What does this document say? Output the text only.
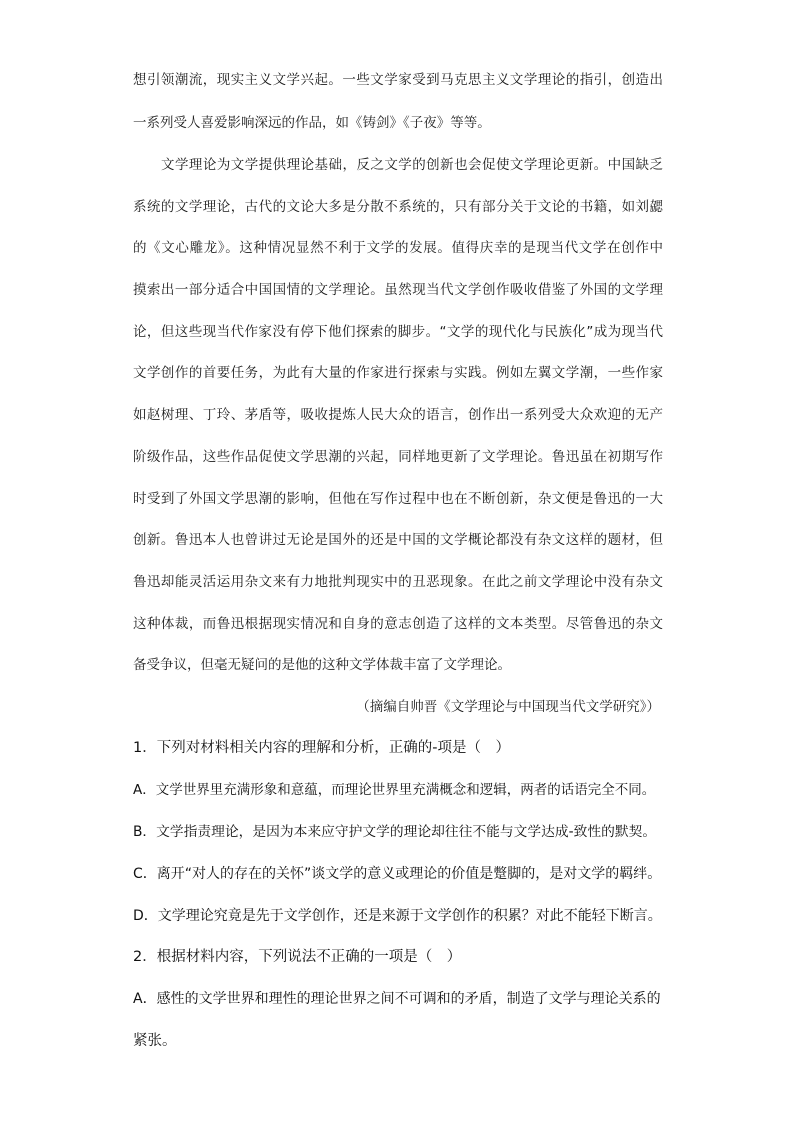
想引领潮流，现实主义文学兴起。一些文学家受到马克思主义文学理论的指引，创造出
一系列受人喜爱影响深远的作品，如《铸剑》《子夜》等等。
文学理论为文学提供理论基础，反之文学的创新也会促使文学理论更新。中国缺乏
系统的文学理论，古代的文论大多是分散不系统的，只有部分关于文论的书籍，如刘勰
的《文心雕龙》。这种情况显然不利于文学的发展。值得庆幸的是现当代文学在创作中
摸索出一部分适合中国国情的文学理论。虽然现当代文学创作吸收借鉴了外国的文学理
论，但这些现当代作家没有停下他们探索的脚步。“文学的现代化与民族化”成为现当代
文学创作的首要任务，为此有大量的作家进行探索与实践。例如左翼文学潮，一些作家
如赵树理、丁玲、茅盾等，吸收提炼人民大众的语言，创作出一系列受大众欢迎的无产
阶级作品，这些作品促使文学思潮的兴起，同样地更新了文学理论。鲁迅虽在初期写作
时受到了外国文学思潮的影响，但他在写作过程中也在不断创新，杂文便是鲁迅的一大
创新。鲁迅本人也曾讲过无论是国外的还是中国的文学概论都没有杂文这样的题材，但
鲁迅却能灵活运用杂文来有力地批判现实中的丑恶现象。在此之前文学理论中没有杂文
这种体裁，而鲁迅根据现实情况和自身的意志创造了这样的文本类型。尽管鲁迅的杂文
备受争议，但毫无疑问的是他的这种文学体裁丰富了文学理论。
（摘编自帅晋《文学理论与中国现当代文学研究》）
1．下列对材料相关内容的理解和分析，正确的-项是（　）
A．文学世界里充满形象和意蕴，而理论世界里充满概念和逻辑，两者的话语完全不同。
B．文学指责理论，是因为本来应守护文学的理论却往往不能与文学达成-致性的默契。
C．离开“对人的存在的关怀”谈文学的意义或理论的价值是蹩脚的，是对文学的羁绊。
D．文学理论究竟是先于文学创作，还是来源于文学创作的积累？对此不能轻下断言。
2．根据材料内容，下列说法不正确的一项是（　）
A．感性的文学世界和理性的理论世界之间不可调和的矛盾，制造了文学与理论关系的
紧张。
